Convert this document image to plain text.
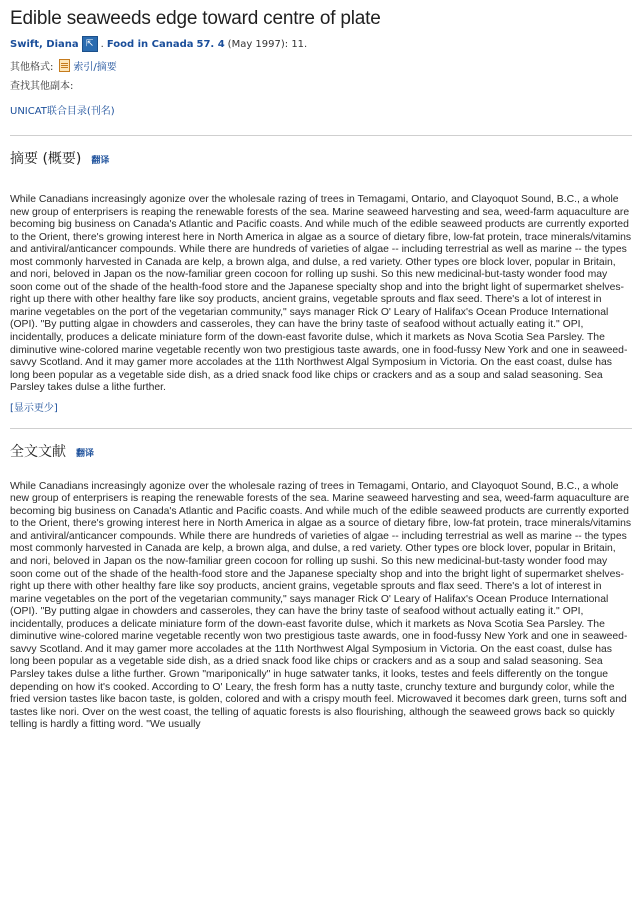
Edible seaweeds edge toward centre of plate
Swift, Diana ⇱ . Food in Canada 57. 4 (May 1997): 11.
其他格式: 索引/摘要
查找其他副本:
UNICAT联合目录(刊名)
摘要 (概要) 翻译

While Canadians increasingly agonize over the wholesale razing of trees in Temagami, Ontario, and Clayoquot Sound, B.C., a whole new group of enterprisers is reaping the renewable forests of the sea. Marine seaweed harvesting and sea, weed-farm aquaculture are becoming big business on Canada's Atlantic and Pacific coasts. And while much of the edible seaweed products are currently exported to the Orient, there's growing interest here in North America in algae as a source of dietary fibre, low-fat protein, trace minerals/vitamins and antiviral/anticancer compounds. While there are hundreds of varieties of algae -- including terrestrial as well as marine -- the types most commonly harvested in Canada are kelp, a brown alga, and dulse, a red variety. Other types ore block lover, popular in Britain, and nori, beloved in Japan os the now-familiar green cocoon for rolling up sushi. So this new medicinal-but-tasty wonder food may soon come out of the shade of the health-food store and the Japanese specialty shop and into the bright light of supermarket shelves-right up there with other healthy fare like soy products, ancient grains, vegetable sprouts and flax seed. There's a lot of interest in marine vegetables on the port of the vegetarian community," says manager Rick O' Leary of Halifax's Ocean Produce International (OPI). "By putting algae in chowders and casseroles, they can have the briny taste of seafood without actually eating it." OPI, incidentally, produces a delicate miniature form of the down-east favorite dulse, which it markets as Nova Scotia Sea Parsley. The diminutive wine-colored marine vegetable recently won two prestigious taste awards, one in food-fussy New York and one in seaweed-savvy Scotland. And it may gamer more accolades at the 11th Northwest Algal Symposium in Victoria. On the east coast, dulse has long been popular as a vegetable side dish, as a dried snack food like chips or crackers and as a soup and salad seasoning. Sea Parsley takes dulse a lithe further.

[显示更少]
全文文献 翻译

While Canadians increasingly agonize over the wholesale razing of trees in Temagami, Ontario, and Clayoquot Sound, B.C., a whole new group of enterprisers is reaping the renewable forests of the sea. Marine seaweed harvesting and sea, weed-farm aquaculture are becoming big business on Canada's Atlantic and Pacific coasts. And while much of the edible seaweed products are currently exported to the Orient, there's growing interest here in North America in algae as a source of dietary fibre, low-fat protein, trace minerals/vitamins and antiviral/anticancer compounds. While there are hundreds of varieties of algae -- including terrestrial as well as marine -- the types most commonly harvested in Canada are kelp, a brown alga, and dulse, a red variety. Other types ore block lover, popular in Britain, and nori, beloved in Japan os the now-familiar green cocoon for rolling up sushi. So this new medicinal-but-tasty wonder food may soon come out of the shade of the health-food store and the Japanese specialty shop and into the bright light of supermarket shelves-right up there with other healthy fare like soy products, ancient grains, vegetable sprouts and flax seed. There's a lot of interest in marine vegetables on the port of the vegetarian community," says manager Rick O' Leary of Halifax's Ocean Produce International (OPI). "By putting algae in chowders and casseroles, they can have the briny taste of seafood without actually eating it." OPI, incidentally, produces a delicate miniature form of the down-east favorite dulse, which it markets as Nova Scotia Sea Parsley. The diminutive wine-colored marine vegetable recently won two prestigious taste awards, one in food-fussy New York and one in seaweed-savvy Scotland. And it may gamer more accolades at the 11th Northwest Algal Symposium in Victoria. On the east coast, dulse has long been popular as a vegetable side dish, as a dried snack food like chips or crackers and as a soup and salad seasoning. Sea Parsley takes dulse a lithe further. Grown "mariponically" in huge satwater tanks, it looks, testes and feels differently on the tongue depending on how it's cooked. According to O' Leary, the fresh form has a nutty taste, crunchy texture and burgundy color, while the fried version tastes like bacon taste, is golden, colored and with a crispy mouth feel. Microwaved it becomes dark green, turns soft and tastes like nori. Over on the west coast, the telling of aquatic forests is also flourishing, although the seaweed grows back so quickly telling is hardly a fitting word. "We usually
